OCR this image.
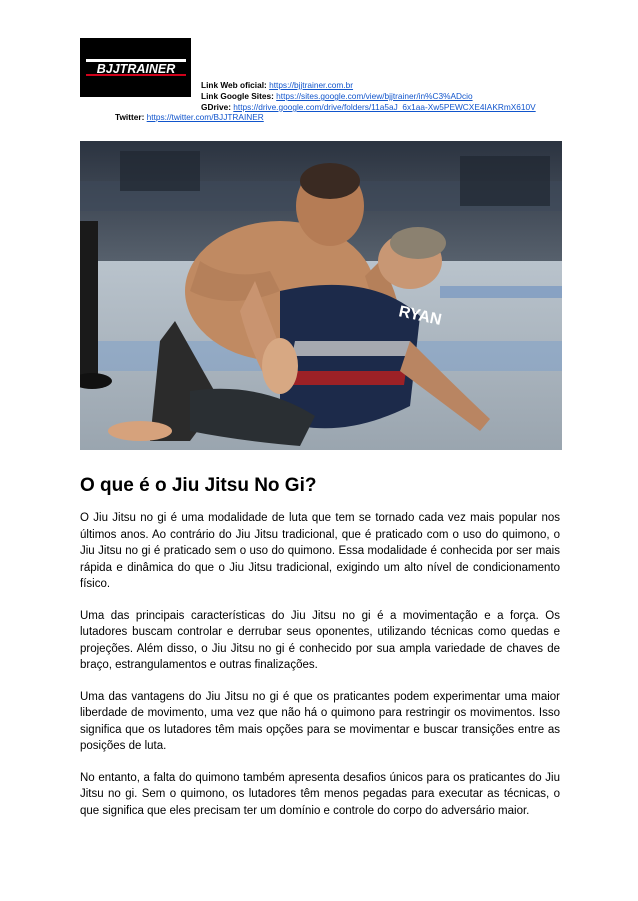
BJJTRAINER
Link Web oficial: https://bjjtrainer.com.br
Link Google Sites: https://sites.google.com/view/bjjtrainer/in%C3%ADcio
GDrive: https://drive.google.com/drive/folders/11a5aJ_6x1aa-Xw5PEWCXE4IAKRmX610V
Twitter: https://twitter.com/BJJTRAINER
RYAN
O que é o Jiu Jitsu No Gi?

O Jiu Jitsu no gi é uma modalidade de luta que tem se tornado cada vez mais popular nos últimos anos. Ao contrário do Jiu Jitsu tradicional, que é praticado com o uso do quimono, o Jiu Jitsu no gi é praticado sem o uso do quimono. Essa modalidade é conhecida por ser mais rápida e dinâmica do que o Jiu Jitsu tradicional, exigindo um alto nível de condicionamento físico.

Uma das principais características do Jiu Jitsu no gi é a movimentação e a força. Os lutadores buscam controlar e derrubar seus oponentes, utilizando técnicas como quedas e projeções. Além disso, o Jiu Jitsu no gi é conhecido por sua ampla variedade de chaves de braço, estrangulamentos e outras finalizações.

Uma das vantagens do Jiu Jitsu no gi é que os praticantes podem experimentar uma maior liberdade de movimento, uma vez que não há o quimono para restringir os movimentos. Isso significa que os lutadores têm mais opções para se movimentar e buscar transições entre as posições de luta.

No entanto, a falta do quimono também apresenta desafios únicos para os praticantes do Jiu Jitsu no gi. Sem o quimono, os lutadores têm menos pegadas para executar as técnicas, o que significa que eles precisam ter um domínio e controle do corpo do adversário maior.
